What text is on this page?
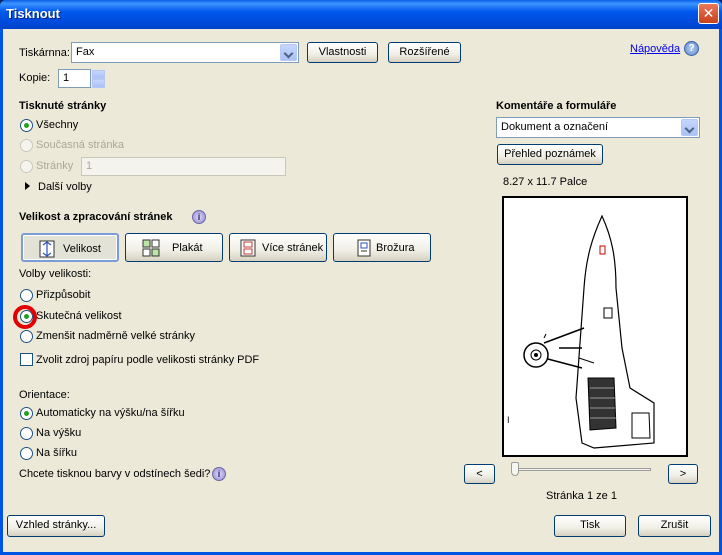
Tisknout	✕
Tiskárnna: Fax	Vlastnosti	Rozšířené	Nápověda ?
Kopie: 1
Tisknuté stránky
Všechny
Současná stránka
Stránky 1
Další volby
Velikost a zpracování stránek	i
Velikost	Plakát	Více stránek	Brožura
Volby velikosti:
Přizpůsobit
Skutečná velikost
Zmenšit nadměrně velké stránky
Zvolit zdroj papíru podle velikosti stránky PDF
Orientace:
Automaticky na výšku/na šířku
Na výšku
Na šířku
Chcete tisknou barvy v odstínech šedi? i
Komentáře a formuláře
Dokument a označení
Přehled poznámek
8.27 x 11.7 Palce
I
<	>
Stránka 1 ze 1
Vzhled stránky...	Tisk	Zrušit
